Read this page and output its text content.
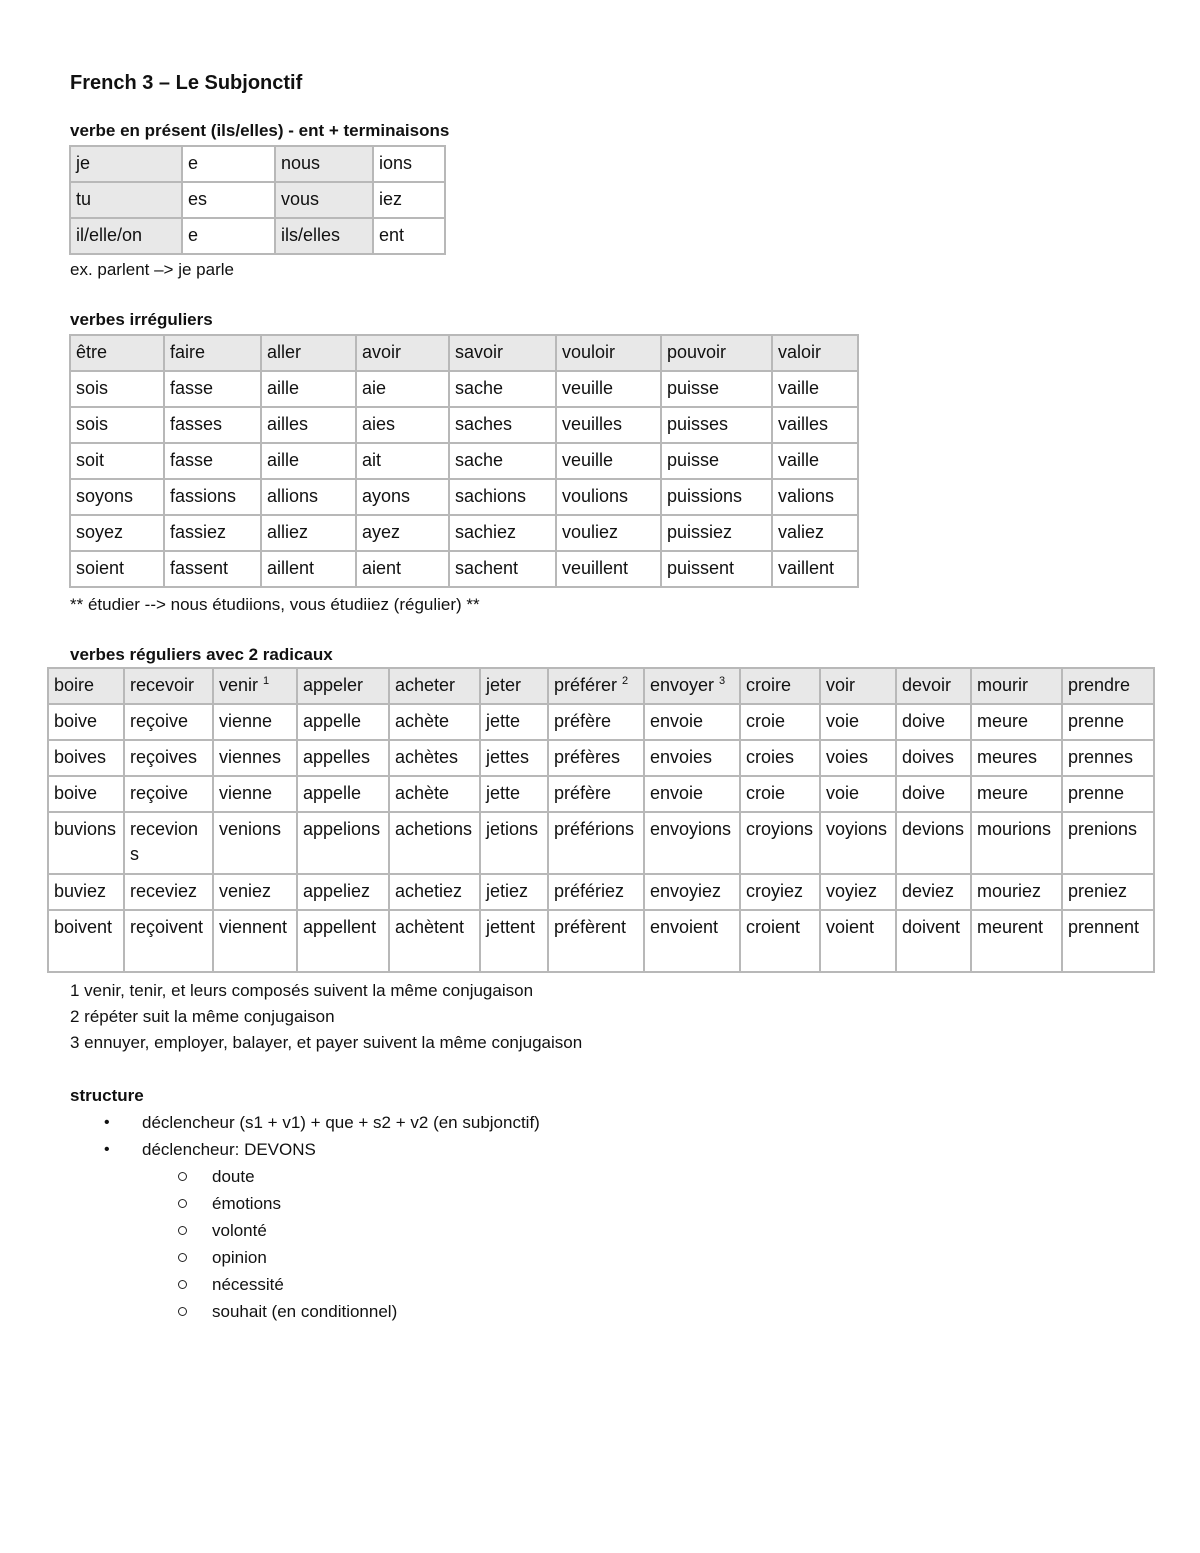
French 3 – Le Subjonctif
verbe en présent (ils/elles) - ent + terminaisons
je	e	nous	ions
tu	es	vous	iez
il/elle/on	e	ils/elles	ent
ex. parlent –> je parle
verbes irréguliers
être	faire	aller	avoir	savoir	vouloir	pouvoir	valoir
sois	fasse	aille	aie	sache	veuille	puisse	vaille
sois	fasses	ailles	aies	saches	veuilles	puisses	vailles
soit	fasse	aille	ait	sache	veuille	puisse	vaille
soyons	fassions	allions	ayons	sachions	voulions	puissions	valions
soyez	fassiez	alliez	ayez	sachiez	vouliez	puissiez	valiez
soient	fassent	aillent	aient	sachent	veuillent	puissent	vaillent
** étudier --> nous étudiions, vous étudiiez (régulier) **
verbes réguliers avec 2 radicaux
boire	recevoir	venir $^1$	appeler	acheter	jeter	préférer $^2$	envoyer $^3$	croire	voir	devoir	mourir	prendre
boive	reçoive	vienne	appelle	achète	jette	préfère	envoie	croie	voie	doive	meure	prenne
boives	reçoives	viennes	appelles	achètes	jettes	préfères	envoies	croies	voies	doives	meures	prennes
boive	reçoive	vienne	appelle	achète	jette	préfère	envoie	croie	voie	doive	meure	prenne
buvions	recevions	venions	appelions	achetions	jetions	préférions	envoyions	croyions	voyions	devions	mourions	prenions
buviez	receviez	veniez	appeliez	achetiez	jetiez	préfériez	envoyiez	croyiez	voyiez	deviez	mouriez	preniez
boivent	reçoivent	viennent	appellent	achètent	jettent	préfèrent	envoient	croient	voient	doivent	meurent	prennent
1 venir, tenir, et leurs composés suivent la même conjugaison
2 répéter suit la même conjugaison
3 ennuyer, employer, balayer, et payer suivent la même conjugaison
structure
• déclencheur (s1 + v1) + que + s2 + v2 (en subjonctif)
• déclencheur: DEVONS
doute
émotions
volonté
opinion
nécessité
souhait (en conditionnel)
